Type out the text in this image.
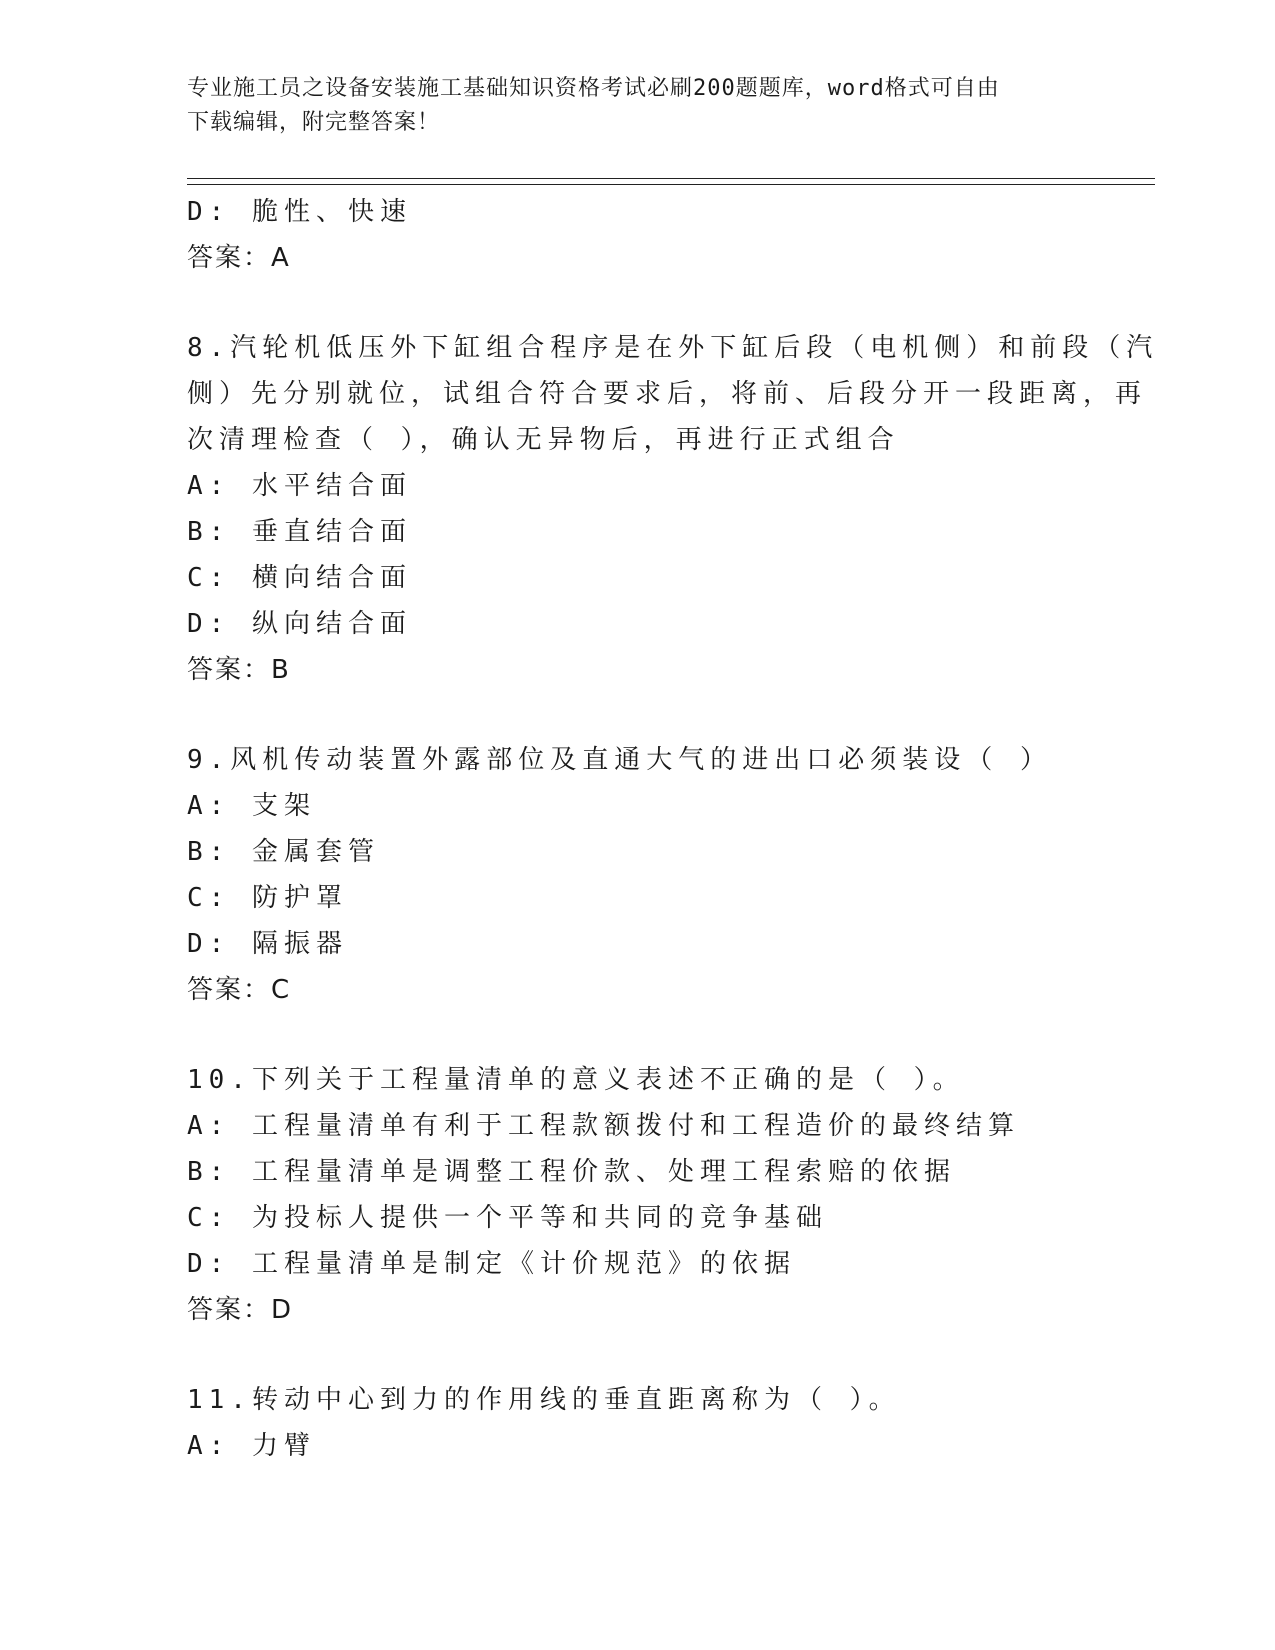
专业施工员之设备安装施工基础知识资格考试必刷200题题库，word格式可自由
下载编辑，附完整答案！
D: 脆性、快速
答案：A
8.汽轮机低压外下缸组合程序是在外下缸后段（电机侧）和前段（汽
侧）先分别就位，试组合符合要求后，将前、后段分开一段距离，再
次清理检查（ ），确认无异物后，再进行正式组合
A: 水平结合面
B: 垂直结合面
C: 横向结合面
D: 纵向结合面
答案：B
9.风机传动装置外露部位及直通大气的进出口必须装设（ ）
A: 支架
B: 金属套管
C: 防护罩
D: 隔振器
答案：C
10.下列关于工程量清单的意义表述不正确的是（ ）。
A: 工程量清单有利于工程款额拨付和工程造价的最终结算
B: 工程量清单是调整工程价款、处理工程索赔的依据
C: 为投标人提供一个平等和共同的竞争基础
D: 工程量清单是制定《计价规范》的依据
答案：D
11.转动中心到力的作用线的垂直距离称为（ ）。
A: 力臂
